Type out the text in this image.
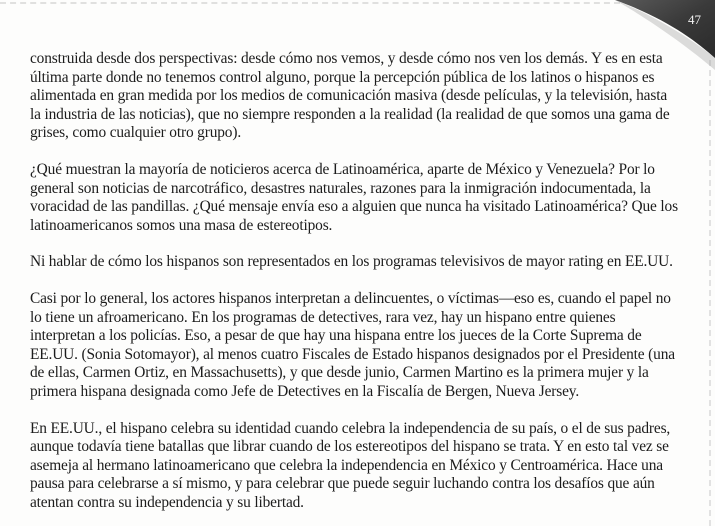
47

construida desde dos perspectivas: desde cómo nos vemos, y desde cómo nos ven los demás. Y es en esta última parte donde no tenemos control alguno, porque la percepción pública de los latinos o hispanos es alimentada en gran medida por los medios de comunicación masiva (desde películas, y la televisión, hasta la industria de las noticias), que no siempre responden a la realidad (la realidad de que somos una gama de grises, como cualquier otro grupo).

¿Qué muestran la mayoría de noticieros acerca de Latinoamérica, aparte de México y Venezuela? Por lo general son noticias de narcotráfico, desastres naturales, razones para la inmigración indocumentada, la voracidad de las pandillas. ¿Qué mensaje envía eso a alguien que nunca ha visitado Latinoamérica? Que los latinoamericanos somos una masa de estereotipos.

Ni hablar de cómo los hispanos son representados en los programas televisivos de mayor rating en EE.UU.

Casi por lo general, los actores hispanos interpretan a delincuentes, o víctimas—eso es, cuando el papel no lo tiene un afroamericano. En los programas de detectives, rara vez, hay un hispano entre quienes interpretan a los policías. Eso, a pesar de que hay una hispana entre los jueces de la Corte Suprema de EE.UU. (Sonia Sotomayor), al menos cuatro Fiscales de Estado hispanos designados por el Presidente (una de ellas, Carmen Ortiz, en Massachusetts), y que desde junio, Carmen Martino es la primera mujer y la primera hispana designada como Jefe de Detectives en la Fiscalía de Bergen, Nueva Jersey.

En EE.UU., el hispano celebra su identidad cuando celebra la independencia de su país, o el de sus padres, aunque todavía tiene batallas que librar cuando de los estereotipos del hispano se trata. Y en esto tal vez se asemeja al hermano latinoamericano que celebra la independencia en México y Centroamérica. Hace una pausa para celebrarse a sí mismo, y para celebrar que puede seguir luchando contra los desafíos que aún atentan contra su independencia y su libertad.
